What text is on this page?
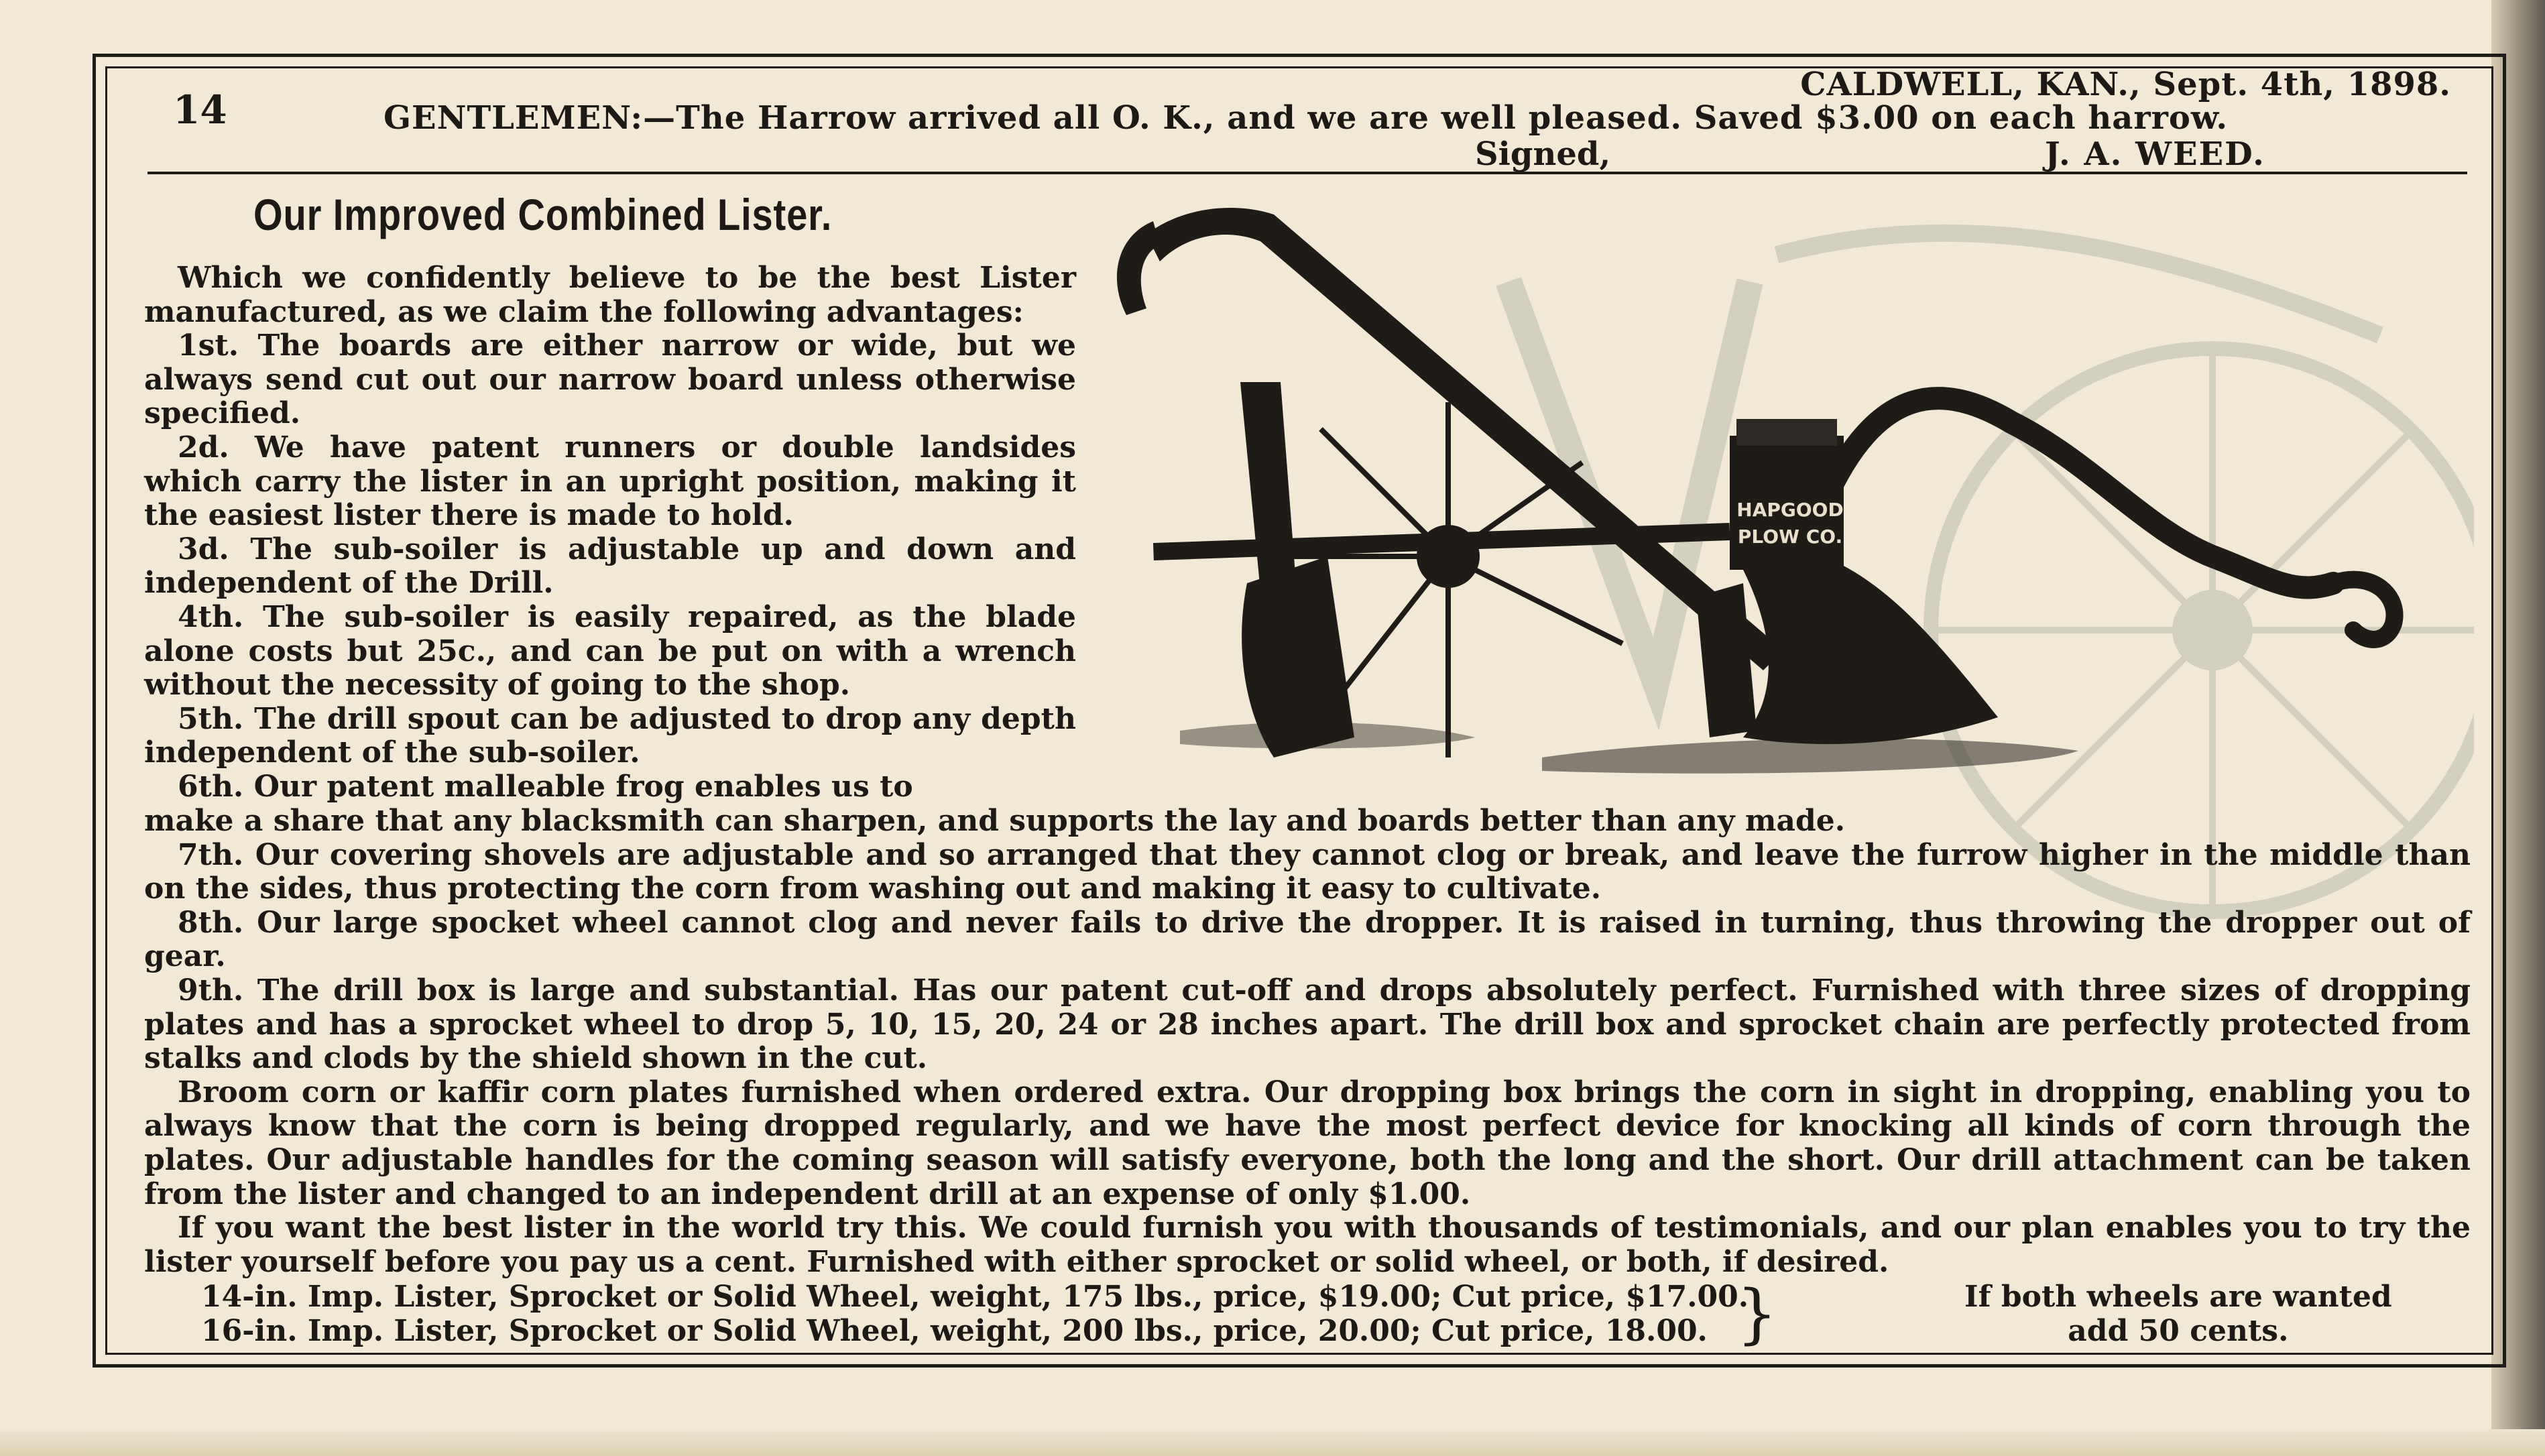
14
CALDWELL, KAN., Sept. 4th, 1898.
GENTLEMEN:—The Harrow arrived all O. K., and we are well pleased. Saved $3.00 on each harrow.
Signed,	J. A. WEED.
Our Improved Combined Lister.

Which we confidently believe to be the best Lister manufactured, as we claim the following advantages:

1st. The boards are either narrow or wide, but we always send cut out our narrow board unless otherwise specified.

2d. We have patent runners or double landsides which carry the lister in an upright position, making it the easiest lister there is made to hold.

3d. The sub-soiler is adjustable up and down and independent of the Drill.

4th. The sub-soiler is easily repaired, as the blade alone costs but 25c., and can be put on with a wrench without the necessity of going to the shop.

5th. The drill spout can be adjusted to drop any depth independent of the sub-soiler.

6th. Our patent malleable frog enables us to

make a share that any blacksmith can sharpen, and supports the lay and boards better than any made.

7th. Our covering shovels are adjustable and so arranged that they cannot clog or break, and leave the furrow higher in the middle than on the sides, thus protecting the corn from washing out and making it easy to cultivate.

8th. Our large spocket wheel cannot clog and never fails to drive the dropper. It is raised in turning, thus throwing the dropper out of gear.

9th. The drill box is large and substantial. Has our patent cut-off and drops absolutely perfect. Furnished with three sizes of dropping plates and has a sprocket wheel to drop 5, 10, 15, 20, 24 or 28 inches apart. The drill box and sprocket chain are perfectly protected from stalks and clods by the shield shown in the cut.

Broom corn or kaffir corn plates furnished when ordered extra. Our dropping box brings the corn in sight in dropping, enabling you to always know that the corn is being dropped regularly, and we have the most perfect device for knocking all kinds of corn through the plates. Our adjustable handles for the coming season will satisfy everyone, both the long and the short. Our drill attachment can be taken from the lister and changed to an independent drill at an expense of only $1.00.

If you want the best lister in the world try this. We could furnish you with thousands of testimonials, and our plan enables you to try the lister yourself before you pay us a cent. Furnished with either sprocket or solid wheel, or both, if desired.

14-in. Imp. Lister, Sprocket or Solid Wheel, weight, 175 lbs., price, $19.00; Cut price, $17.00.
16-in. Imp. Lister, Sprocket or Solid Wheel, weight, 200 lbs., price, 20.00; Cut price, 18.00. }	If both wheels are wanted
add 50 cents.
HAPGOOD
PLOW CO.
